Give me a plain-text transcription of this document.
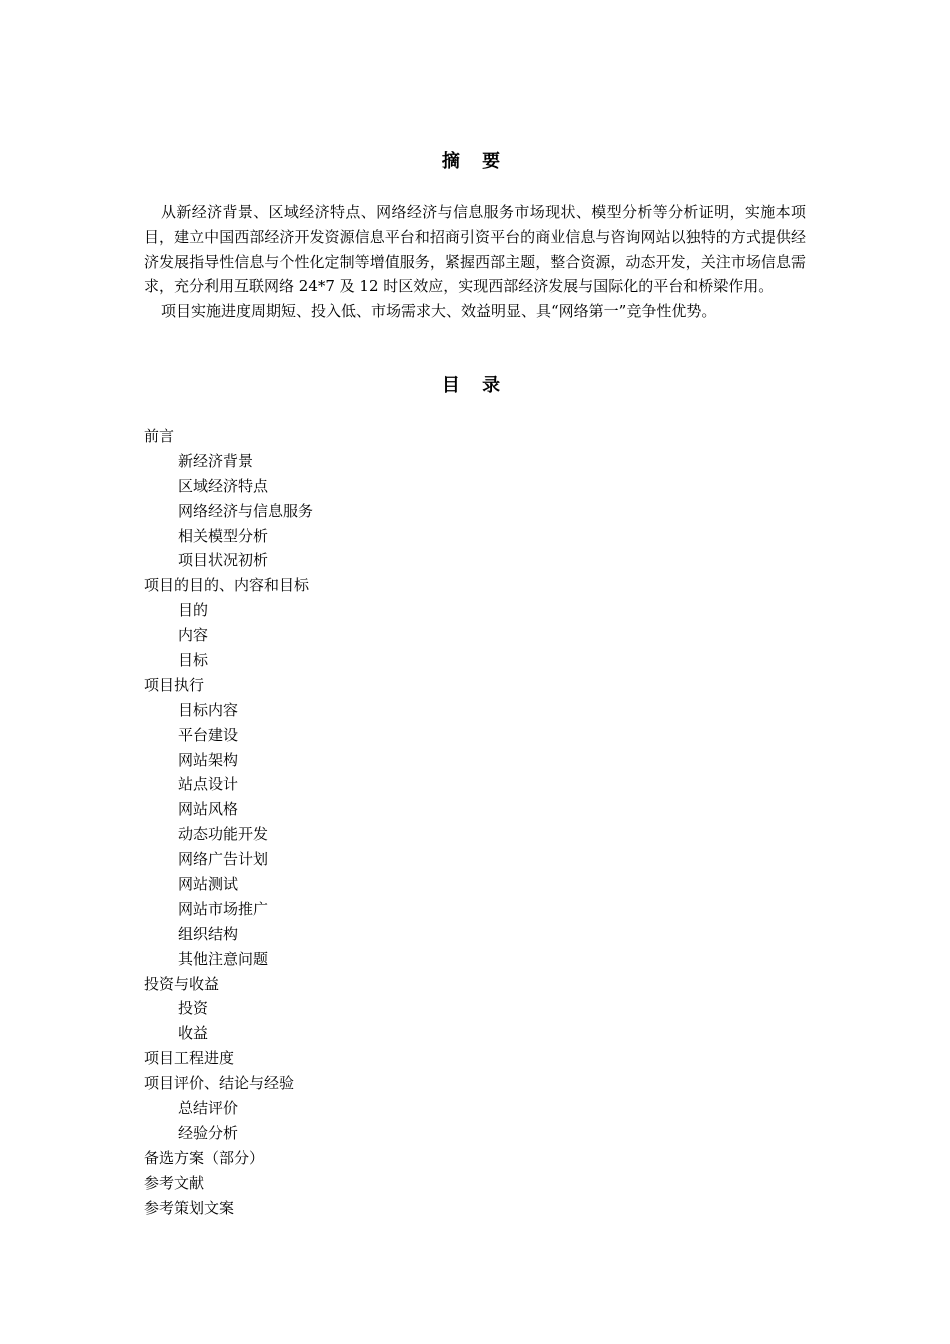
摘 要

从新经济背景、区域经济特点、网络经济与信息服务市场现状、模型分析等分析证明，实施本项目，建立中国西部经济开发资源信息平台和招商引资平台的商业信息与咨询网站以独特的方式提供经济发展指导性信息与个性化定制等增值服务，紧握西部主题，整合资源，动态开发，关注市场信息需求，充分利用互联网络 24*7 及 12 时区效应，实现西部经济发展与国际化的平台和桥梁作用。

项目实施进度周期短、投入低、市场需求大、效益明显、具“网络第一”竞争性优势。

目 录
前言
新经济背景
区域经济特点
网络经济与信息服务
相关模型分析
项目状况初析
项目的目的、内容和目标
目的
内容
目标
项目执行
目标内容
平台建设
网站架构
站点设计
网站风格
动态功能开发
网络广告计划
网站测试
网站市场推广
组织结构
其他注意问题
投资与收益
投资
收益
项目工程进度
项目评价、结论与经验
总结评价
经验分析
备选方案（部分）
参考文献
参考策划文案
